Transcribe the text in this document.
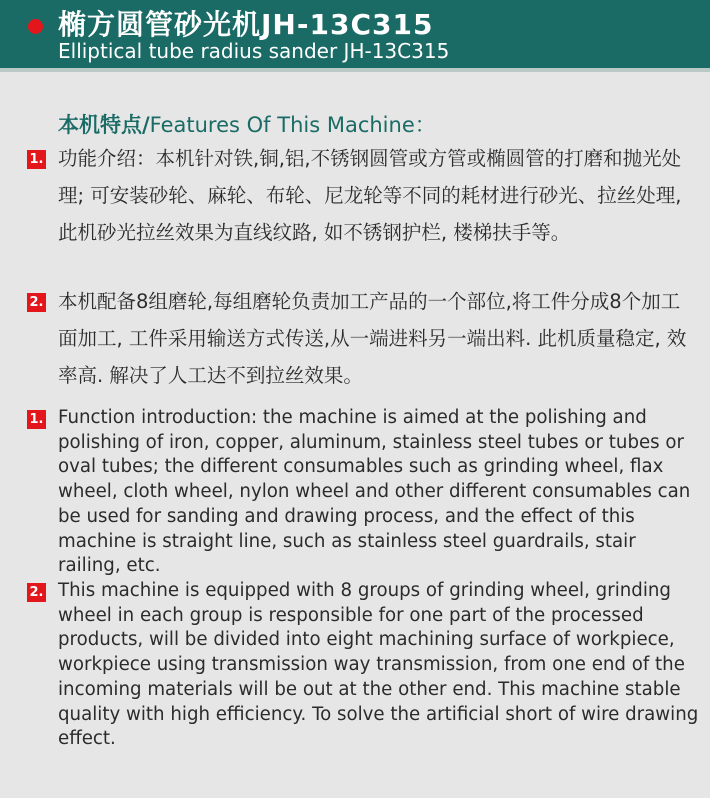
椭方圆管砂光机JH-13C315
Elliptical tube radius sander JH-13C315
本机特点/Features Of This Machine：
1. 功能介绍：本机针对铁,铜,铝,不锈钢圆管或方管或椭圆管的打磨和抛光处理; 可安装砂轮、麻轮、布轮、尼龙轮等不同的耗材进行砂光、拉丝处理, 此机砂光拉丝效果为直线纹路, 如不锈钢护栏, 楼梯扶手等。
2. 本机配备8组磨轮,每组磨轮负责加工产品的一个部位,将工件分成8个加工面加工, 工件采用输送方式传送,从一端进料另一端出料. 此机质量稳定, 效率高. 解决了人工达不到拉丝效果。
1. Function introduction: the machine is aimed at the polishing and polishing of iron, copper, aluminum, stainless steel tubes or tubes or oval tubes; the different consumables such as grinding wheel, flax wheel, cloth wheel, nylon wheel and other different consumables can be used for sanding and drawing process, and the effect of this machine is straight line, such as stainless steel guardrails, stair railing, etc.
2. This machine is equipped with 8 groups of grinding wheel, grinding wheel in each group is responsible for one part of the processed products, will be divided into eight machining surface of workpiece, workpiece using transmission way transmission, from one end of the incoming materials will be out at the other end. This machine stable quality with high efficiency. To solve the artificial short of wire drawing effect.
